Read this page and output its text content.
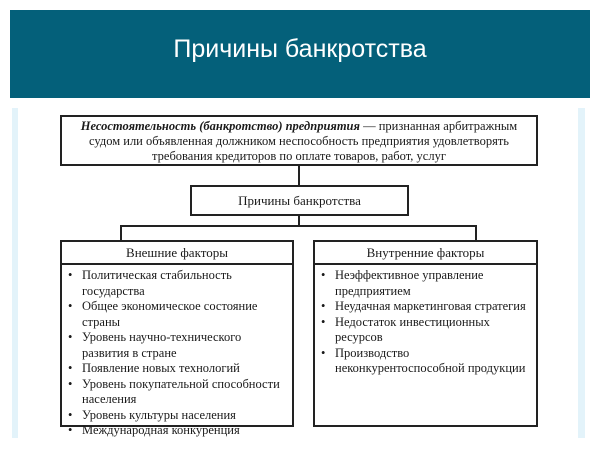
Причины банкротства
Несостоятельность (банкротство) предприятия — признанная арбитражным судом или объявленная должником неспособность предприятия удовлетворять требования кредиторов по оплате товаров, работ, услуг
Причины банкротства
Внешние факторы
• Политическая стабильность государства
• Общее экономическое состояние страны
• Уровень научно-технического развития в стране
• Появление новых технологий
• Уровень покупательной способности населения
• Уровень культуры населения
• Международная конкуренция
Внутренние факторы
• Неэффективное управление предприятием
• Неудачная маркетинговая стратегия
• Недостаток инвестиционных ресурсов
• Производство неконкурентоспособной продукции
